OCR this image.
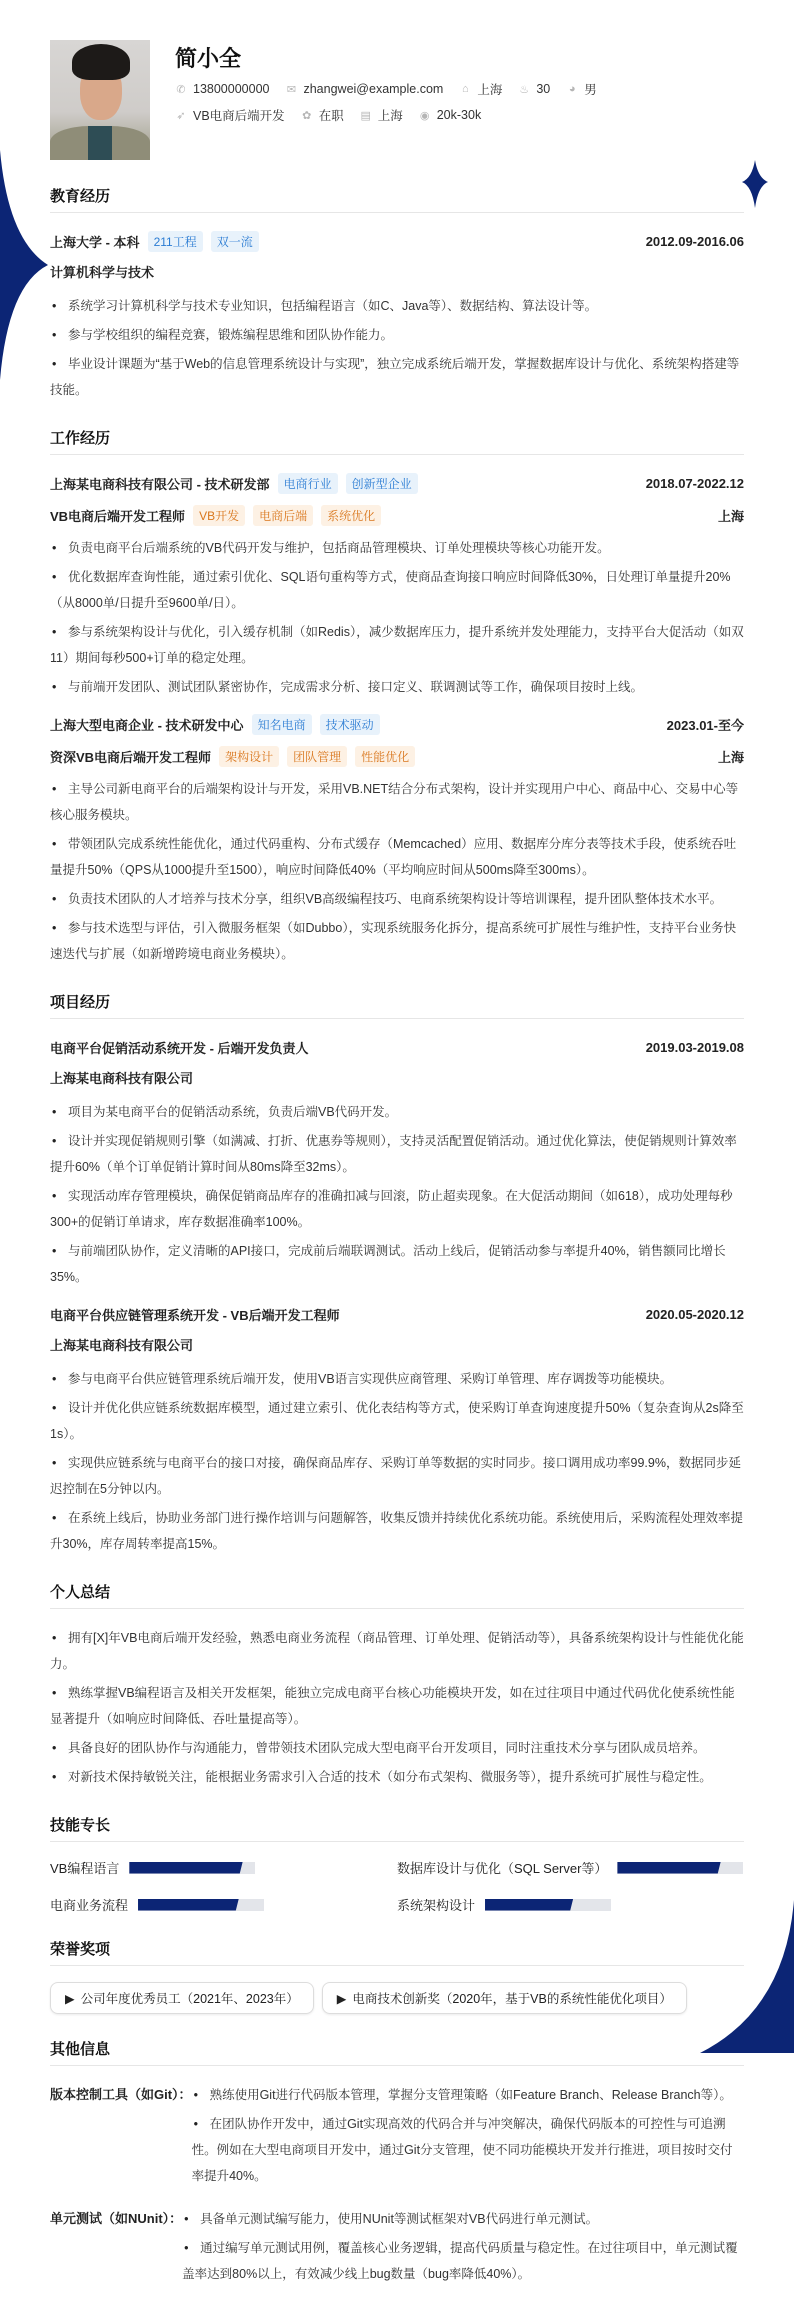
简小全
✆ 13800000000 ✉ zhangwei@example.com ⌂ 上海 ♨ 30 ◕ 男
➶ VB电商后端开发 ✿ 在职 ▤ 上海 ◉ 20k-30k
教育经历
上海大学 - 本科	211工程	双一流	2012.09-2016.06
计算机科学与技术
• 系统学习计算机科学与技术专业知识，包括编程语言（如C、Java等）、数据结构、算法设计等。
• 参与学校组织的编程竞赛，锻炼编程思维和团队协作能力。
• 毕业设计课题为“基于Web的信息管理系统设计与实现”，独立完成系统后端开发，掌握数据库设计与优化、系统架构搭建等技能。
工作经历
上海某电商科技有限公司 - 技术研发部	电商行业	创新型企业	2018.07-2022.12
VB电商后端开发工程师	VB开发	电商后端	系统优化	上海
• 负责电商平台后端系统的VB代码开发与维护，包括商品管理模块、订单处理模块等核心功能开发。
• 优化数据库查询性能，通过索引优化、SQL语句重构等方式，使商品查询接口响应时间降低30%，日处理订单量提升20%（从8000单/日提升至9600单/日）。
• 参与系统架构设计与优化，引入缓存机制（如Redis），减少数据库压力，提升系统并发处理能力，支持平台大促活动（如双11）期间每秒500+订单的稳定处理。
• 与前端开发团队、测试团队紧密协作，完成需求分析、接口定义、联调测试等工作，确保项目按时上线。
上海大型电商企业 - 技术研发中心	知名电商	技术驱动	2023.01-至今
资深VB电商后端开发工程师	架构设计	团队管理	性能优化	上海
• 主导公司新电商平台的后端架构设计与开发，采用VB.NET结合分布式架构，设计并实现用户中心、商品中心、交易中心等核心服务模块。
• 带领团队完成系统性能优化，通过代码重构、分布式缓存（Memcached）应用、数据库分库分表等技术手段，使系统吞吐量提升50%（QPS从1000提升至1500），响应时间降低40%（平均响应时间从500ms降至300ms）。
• 负责技术团队的人才培养与技术分享，组织VB高级编程技巧、电商系统架构设计等培训课程，提升团队整体技术水平。
• 参与技术选型与评估，引入微服务框架（如Dubbo），实现系统服务化拆分，提高系统可扩展性与维护性，支持平台业务快速迭代与扩展（如新增跨境电商业务模块）。
项目经历
电商平台促销活动系统开发 - 后端开发负责人	2019.03-2019.08
上海某电商科技有限公司
• 项目为某电商平台的促销活动系统，负责后端VB代码开发。
• 设计并实现促销规则引擎（如满减、打折、优惠券等规则），支持灵活配置促销活动。通过优化算法，使促销规则计算效率提升60%（单个订单促销计算时间从80ms降至32ms）。
• 实现活动库存管理模块，确保促销商品库存的准确扣减与回滚，防止超卖现象。在大促活动期间（如618），成功处理每秒300+的促销订单请求，库存数据准确率100%。
• 与前端团队协作，定义清晰的API接口，完成前后端联调测试。活动上线后，促销活动参与率提升40%，销售额同比增长35%。
电商平台供应链管理系统开发 - VB后端开发工程师	2020.05-2020.12
上海某电商科技有限公司
• 参与电商平台供应链管理系统后端开发，使用VB语言实现供应商管理、采购订单管理、库存调拨等功能模块。
• 设计并优化供应链系统数据库模型，通过建立索引、优化表结构等方式，使采购订单查询速度提升50%（复杂查询从2s降至1s）。
• 实现供应链系统与电商平台的接口对接，确保商品库存、采购订单等数据的实时同步。接口调用成功率99.9%，数据同步延迟控制在5分钟以内。
• 在系统上线后，协助业务部门进行操作培训与问题解答，收集反馈并持续优化系统功能。系统使用后，采购流程处理效率提升30%，库存周转率提高15%。
个人总结
• 拥有[X]年VB电商后端开发经验，熟悉电商业务流程（商品管理、订单处理、促销活动等），具备系统架构设计与性能优化能力。
• 熟练掌握VB编程语言及相关开发框架，能独立完成电商平台核心功能模块开发，如在过往项目中通过代码优化使系统性能显著提升（如响应时间降低、吞吐量提高等）。
• 具备良好的团队协作与沟通能力，曾带领技术团队完成大型电商平台开发项目，同时注重技术分享与团队成员培养。
• 对新技术保持敏锐关注，能根据业务需求引入合适的技术（如分布式架构、微服务等），提升系统可扩展性与稳定性。
技能专长
VB编程语言	数据库设计与优化（SQL Server等）
电商业务流程	系统架构设计
荣誉奖项
▶ 公司年度优秀员工（2021年、2023年）	▶ 电商技术创新奖（2020年，基于VB的系统性能优化项目）
其他信息
版本控制工具（如Git）：	• 熟练使用Git进行代码版本管理，掌握分支管理策略（如Feature Branch、Release Branch等）。
• 在团队协作开发中，通过Git实现高效的代码合并与冲突解决，确保代码版本的可控性与可追溯性。例如在大型电商项目开发中，通过Git分支管理，使不同功能模块开发并行推进，项目按时交付率提升40%。
单元测试（如NUnit）：	• 具备单元测试编写能力，使用NUnit等测试框架对VB代码进行单元测试。
• 通过编写单元测试用例，覆盖核心业务逻辑，提高代码质量与稳定性。在过往项目中，单元测试覆盖率达到80%以上，有效减少线上bug数量（bug率降低40%）。
